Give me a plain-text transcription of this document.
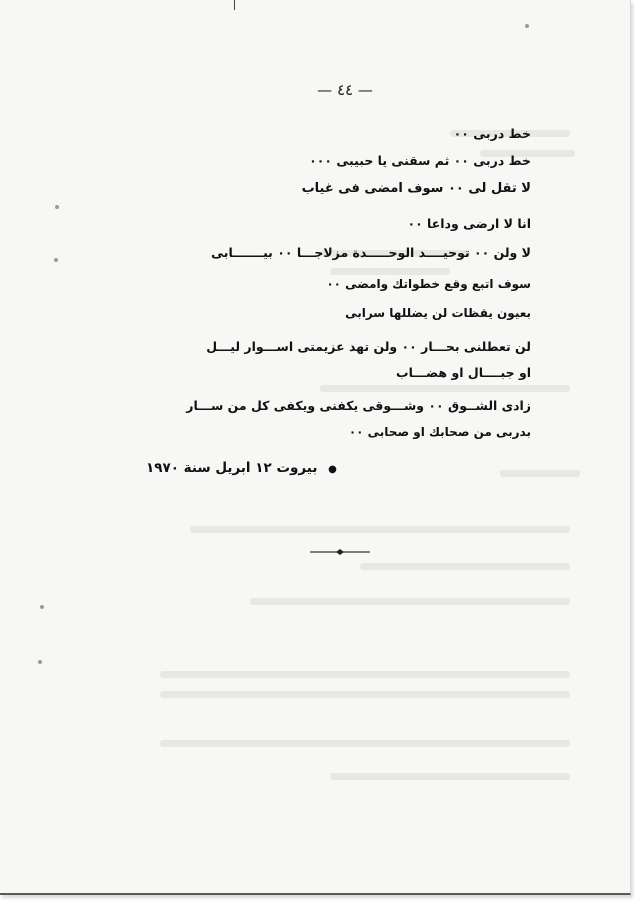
— ٤٤ —
خط دربى ٠٠
خط دربى ٠٠ ثم سقنى يا حبيبى ٠٠٠
لا تقل لى ٠٠ سوف امضى فى غياب
انا لا ارضى وداعا ٠٠
لا ولن ٠٠ توحيــــد الوحـــــدة مزلاجـــا ٠٠ بيـــــــابى
سوف اتبع وقع خطواتك وامضى ٠٠
بعيون يقظات لن يضللها سرابى
لن تعطلنى بحـــار ٠٠ ولن تهد عزيمتى اســـوار ليـــل
او جبــــال او هضـــاب
زادى الشــوق ٠٠ وشـــوقى يكفنى ويكفى كل من ســـار
بدربى من صحابك او صحابى ٠٠
● بيروت ١٢ ابريل سنة ١٩٧٠
